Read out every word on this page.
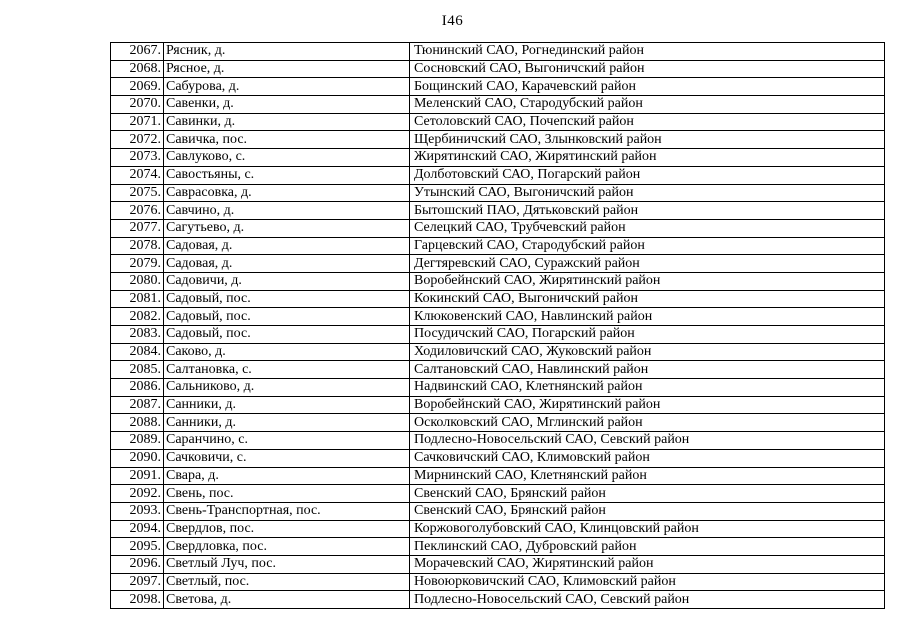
I46
2067.	Рясник, д.	Тюнинский САО, Рогнединский район
2068.	Рясное, д.	Сосновский САО, Выгоничский район
2069.	Сабурова, д.	Бощинский САО, Карачевский район
2070.	Савенки, д.	Меленский САО, Стародубский район
2071.	Савинки, д.	Сетоловский САО, Почепский район
2072.	Савичка, пос.	Щербиничский САО, Злынковский район
2073.	Савлуково, с.	Жирятинский САО, Жирятинский район
2074.	Савостьяны, с.	Долботовский САО, Погарский район
2075.	Саврасовка, д.	Утынский САО, Выгоничский район
2076.	Савчино, д.	Бытошский ПАО, Дятьковский район
2077.	Сагутьево, д.	Селецкий САО, Трубчевский район
2078.	Садовая, д.	Гарцевский САО, Стародубский район
2079.	Садовая, д.	Дегтяревский САО, Суражский район
2080.	Садовичи, д.	Воробейнский САО, Жирятинский район
2081.	Садовый, пос.	Кокинский САО, Выгоничский район
2082.	Садовый, пос.	Клюковенский САО, Навлинский район
2083.	Садовый, пос.	Посудичский САО, Погарский район
2084.	Саково, д.	Ходиловичский САО, Жуковский район
2085.	Салтановка, с.	Салтановский САО, Навлинский район
2086.	Сальниково, д.	Надвинский САО, Клетнянский район
2087.	Санники, д.	Воробейнский САО, Жирятинский район
2088.	Санники, д.	Осколковский САО, Мглинский район
2089.	Саранчино, с.	Подлесно-Новосельский САО, Севский район
2090.	Сачковичи, с.	Сачковичский САО, Климовский район
2091.	Свара, д.	Мирнинский САО, Клетнянский район
2092.	Свень, пос.	Свенский САО, Брянский район
2093.	Свень-Транспортная, пос.	Свенский САО, Брянский район
2094.	Свердлов, пос.	Коржовоголубовский САО, Клинцовский район
2095.	Свердловка, пос.	Пеклинский САО, Дубровский район
2096.	Светлый Луч, пос.	Морачевский САО, Жирятинский район
2097.	Светлый, пос.	Новоюрковичский САО, Климовский район
2098.	Светова, д.	Подлесно-Новосельский САО, Севский район
